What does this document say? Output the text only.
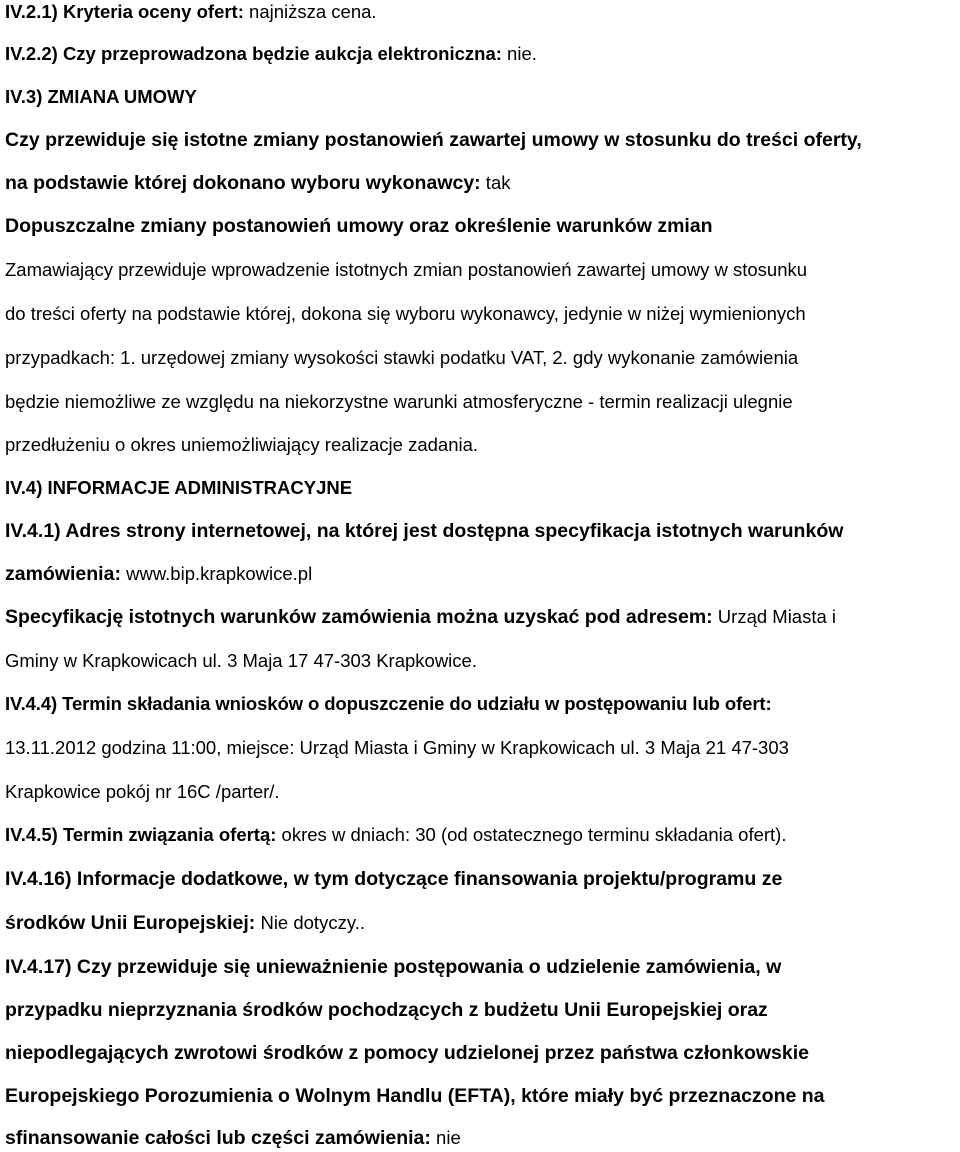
IV.2.1) Kryteria oceny ofert: najniższa cena.
IV.2.2) Czy przeprowadzona będzie aukcja elektroniczna: nie.
IV.3) ZMIANA UMOWY
Czy przewiduje się istotne zmiany postanowień zawartej umowy w stosunku do treści oferty,
na podstawie której dokonano wyboru wykonawcy: tak
Dopuszczalne zmiany postanowień umowy oraz określenie warunków zmian
Zamawiający przewiduje wprowadzenie istotnych zmian postanowień zawartej umowy w stosunku
do treści oferty na podstawie której, dokona się wyboru wykonawcy, jedynie w niżej wymienionych
przypadkach: 1. urzędowej zmiany wysokości stawki podatku VAT, 2. gdy wykonanie zamówienia
będzie niemożliwe ze względu na niekorzystne warunki atmosferyczne - termin realizacji ulegnie
przedłużeniu o okres uniemożliwiający realizacje zadania.
IV.4) INFORMACJE ADMINISTRACYJNE
IV.4.1) Adres strony internetowej, na której jest dostępna specyfikacja istotnych warunków
zamówienia: www.bip.krapkowice.pl
Specyfikację istotnych warunków zamówienia można uzyskać pod adresem: Urząd Miasta i
Gminy w Krapkowicach ul. 3 Maja 17 47-303 Krapkowice.
IV.4.4) Termin składania wniosków o dopuszczenie do udziału w postępowaniu lub ofert:
13.11.2012 godzina 11:00, miejsce: Urząd Miasta i Gminy w Krapkowicach ul. 3 Maja 21 47-303
Krapkowice pokój nr 16C /parter/.
IV.4.5) Termin związania ofertą: okres w dniach: 30 (od ostatecznego terminu składania ofert).
IV.4.16) Informacje dodatkowe, w tym dotyczące finansowania projektu/programu ze
środków Unii Europejskiej: Nie dotyczy..
IV.4.17) Czy przewiduje się unieważnienie postępowania o udzielenie zamówienia, w
przypadku nieprzyznania środków pochodzących z budżetu Unii Europejskiej oraz
niepodlegających zwrotowi środków z pomocy udzielonej przez państwa członkowskie
Europejskiego Porozumienia o Wolnym Handlu (EFTA), które miały być przeznaczone na
sfinansowanie całości lub części zamówienia: nie
